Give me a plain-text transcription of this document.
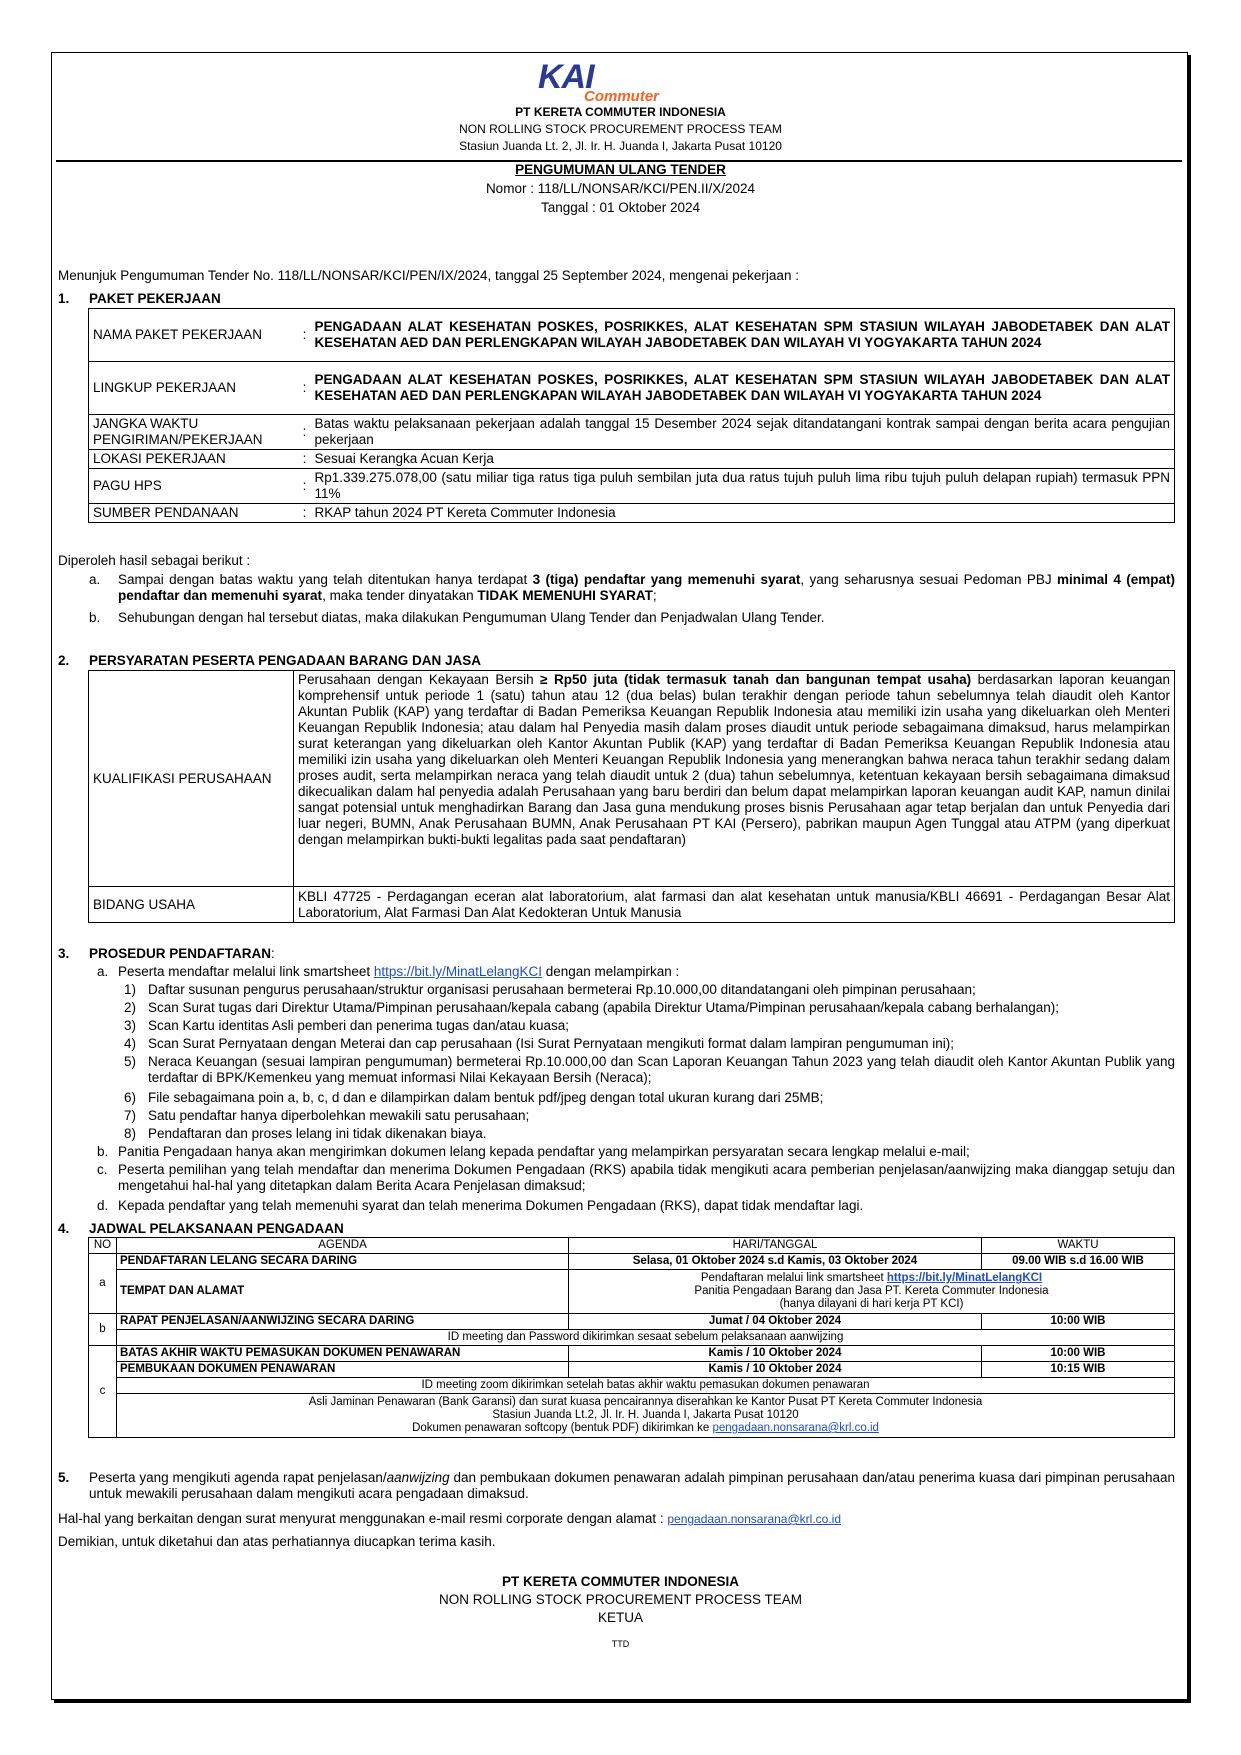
KAI
Commuter
PT KERETA COMMUTER INDONESIA
NON ROLLING STOCK PROCUREMENT PROCESS TEAM
Stasiun Juanda Lt. 2, Jl. Ir. H. Juanda I, Jakarta Pusat 10120
PENGUMUMAN ULANG TENDER
Nomor : 118/LL/NONSAR/KCI/PEN.II/X/2024
Tanggal : 01 Oktober 2024
Menunjuk Pengumuman Tender No. 118/LL/NONSAR/KCI/PEN/IX/2024, tanggal 25 September 2024, mengenai pekerjaan :
1. PAKET PEKERJAAN
NAMA PAKET PEKERJAAN	:	PENGADAAN ALAT KESEHATAN POSKES, POSRIKKES, ALAT KESEHATAN SPM STASIUN WILAYAH JABODETABEK DAN ALAT KESEHATAN AED DAN PERLENGKAPAN WILAYAH JABODETABEK DAN WILAYAH VI YOGYAKARTA TAHUN 2024
LINGKUP PEKERJAAN	:	PENGADAAN ALAT KESEHATAN POSKES, POSRIKKES, ALAT KESEHATAN SPM STASIUN WILAYAH JABODETABEK DAN ALAT KESEHATAN AED DAN PERLENGKAPAN WILAYAH JABODETABEK DAN WILAYAH VI YOGYAKARTA TAHUN 2024
JANGKA WAKTU PENGIRIMAN/PEKERJAAN	:	Batas waktu pelaksanaan pekerjaan adalah tanggal 15 Desember 2024 sejak ditandatangani kontrak sampai dengan berita acara pengujian pekerjaan
LOKASI PEKERJAAN	:	Sesuai Kerangka Acuan Kerja
PAGU HPS	:	Rp1.339.275.078,00 (satu miliar tiga ratus tiga puluh sembilan juta dua ratus tujuh puluh lima ribu tujuh puluh delapan rupiah) termasuk PPN 11%
SUMBER PENDANAAN	:	RKAP tahun 2024 PT Kereta Commuter Indonesia
Diperoleh hasil sebagai berikut :
a. Sampai dengan batas waktu yang telah ditentukan hanya terdapat 3 (tiga) pendaftar yang memenuhi syarat, yang seharusnya sesuai Pedoman PBJ minimal 4 (empat) pendaftar dan memenuhi syarat, maka tender dinyatakan TIDAK MEMENUHI SYARAT;
b. Sehubungan dengan hal tersebut diatas, maka dilakukan Pengumuman Ulang Tender dan Penjadwalan Ulang Tender.
2. PERSYARATAN PESERTA PENGADAAN BARANG DAN JASA
KUALIFIKASI PERUSAHAAN	Perusahaan dengan Kekayaan Bersih ≥ Rp50 juta (tidak termasuk tanah dan bangunan tempat usaha) berdasarkan laporan keuangan komprehensif untuk periode 1 (satu) tahun atau 12 (dua belas) bulan terakhir dengan periode tahun sebelumnya telah diaudit oleh Kantor Akuntan Publik (KAP) yang terdaftar di Badan Pemeriksa Keuangan Republik Indonesia atau memiliki izin usaha yang dikeluarkan oleh Menteri Keuangan Republik Indonesia; atau dalam hal Penyedia masih dalam proses diaudit untuk periode sebagaimana dimaksud, harus melampirkan surat keterangan yang dikeluarkan oleh Kantor Akuntan Publik (KAP) yang terdaftar di Badan Pemeriksa Keuangan Republik Indonesia atau memiliki izin usaha yang dikeluarkan oleh Menteri Keuangan Republik Indonesia yang menerangkan bahwa neraca tahun terakhir sedang dalam proses audit, serta melampirkan neraca yang telah diaudit untuk 2 (dua) tahun sebelumnya, ketentuan kekayaan bersih sebagaimana dimaksud dikecualikan dalam hal penyedia adalah Perusahaan yang baru berdiri dan belum dapat melampirkan laporan keuangan audit KAP, namun dinilai sangat potensial untuk menghadirkan Barang dan Jasa guna mendukung proses bisnis Perusahaan agar tetap berjalan dan untuk Penyedia dari luar negeri, BUMN, Anak Perusahaan BUMN, Anak Perusahaan PT KAI (Persero), pabrikan maupun Agen Tunggal atau ATPM (yang diperkuat dengan melampirkan bukti-bukti legalitas pada saat pendaftaran)
BIDANG USAHA	KBLI 47725 - Perdagangan eceran alat laboratorium, alat farmasi dan alat kesehatan untuk manusia/KBLI 46691 - Perdagangan Besar Alat Laboratorium, Alat Farmasi Dan Alat Kedokteran Untuk Manusia
3. PROSEDUR PENDAFTARAN:
a. Peserta mendaftar melalui link smartsheet https://bit.ly/MinatLelangKCI dengan melampirkan :
1) Daftar susunan pengurus perusahaan/struktur organisasi perusahaan bermeterai Rp.10.000,00 ditandatangani oleh pimpinan perusahaan;
2) Scan Surat tugas dari Direktur Utama/Pimpinan perusahaan/kepala cabang (apabila Direktur Utama/Pimpinan perusahaan/kepala cabang berhalangan);
3) Scan Kartu identitas Asli pemberi dan penerima tugas dan/atau kuasa;
4) Scan Surat Pernyataan dengan Meterai dan cap perusahaan (Isi Surat Pernyataan mengikuti format dalam lampiran pengumuman ini);
5) Neraca Keuangan (sesuai lampiran pengumuman) bermeterai Rp.10.000,00 dan Scan Laporan Keuangan Tahun 2023 yang telah diaudit oleh Kantor Akuntan Publik yang terdaftar di BPK/Kemenkeu yang memuat informasi Nilai Kekayaan Bersih (Neraca);
6) File sebagaimana poin a, b, c, d dan e dilampirkan dalam bentuk pdf/jpeg dengan total ukuran kurang dari 25MB;
7) Satu pendaftar hanya diperbolehkan mewakili satu perusahaan;
8) Pendaftaran dan proses lelang ini tidak dikenakan biaya.
b. Panitia Pengadaan hanya akan mengirimkan dokumen lelang kepada pendaftar yang melampirkan persyaratan secara lengkap melalui e-mail;
c. Peserta pemilihan yang telah mendaftar dan menerima Dokumen Pengadaan (RKS) apabila tidak mengikuti acara pemberian penjelasan/aanwijzing maka dianggap setuju dan mengetahui hal-hal yang ditetapkan dalam Berita Acara Penjelasan dimaksud;
d. Kepada pendaftar yang telah memenuhi syarat dan telah menerima Dokumen Pengadaan (RKS), dapat tidak mendaftar lagi.
4. JADWAL PELAKSANAAN PENGADAAN
NO	AGENDA	HARI/TANGGAL	WAKTU
a	PENDAFTARAN LELANG SECARA DARING	Selasa, 01 Oktober 2024 s.d Kamis, 03 Oktober 2024	09.00 WIB s.d 16.00 WIB
	TEMPAT DAN ALAMAT	Pendaftaran melalui link smartsheet https://bit.ly/MinatLelangKCI
Panitia Pengadaan Barang dan Jasa PT. Kereta Commuter Indonesia
(hanya dilayani di hari kerja PT KCI)	

b	RAPAT PENJELASAN/AANWIJZING SECARA DARING	Jumat / 04 Oktober 2024	10:00 WIB
	ID meeting dan Password dikirimkan sesaat sebelum pelaksanaan aanwijzing		
c	BATAS AKHIR WAKTU PEMASUKAN DOKUMEN PENAWARAN	Kamis / 10 Oktober 2024	10:00 WIB
	PEMBUKAAN DOKUMEN PENAWARAN	Kamis / 10 Oktober 2024	10:15 WIB
	ID meeting zoom dikirimkan setelah batas akhir waktu pemasukan dokumen penawaran		

	Asli Jaminan Penawaran (Bank Garansi) dan surat kuasa pencairannya diserahkan ke Kantor Pusat PT Kereta Commuter Indonesia
Stasiun Juanda Lt.2, Jl. Ir. H. Juanda I, Jakarta Pusat 10120
Dokumen penawaran softcopy (bentuk PDF) dikirimkan ke pengadaan.nonsarana@krl.co.id		
5. Peserta yang mengikuti agenda rapat penjelasan/aanwijzing dan pembukaan dokumen penawaran adalah pimpinan perusahaan dan/atau penerima kuasa dari pimpinan perusahaan untuk mewakili perusahaan dalam mengikuti acara pengadaan dimaksud.
Hal-hal yang berkaitan dengan surat menyurat menggunakan e-mail resmi corporate dengan alamat : pengadaan.nonsarana@krl.co.id
Demikian, untuk diketahui dan atas perhatiannya diucapkan terima kasih.
PT KERETA COMMUTER INDONESIA
NON ROLLING STOCK PROCUREMENT PROCESS TEAM
KETUA
TTD
